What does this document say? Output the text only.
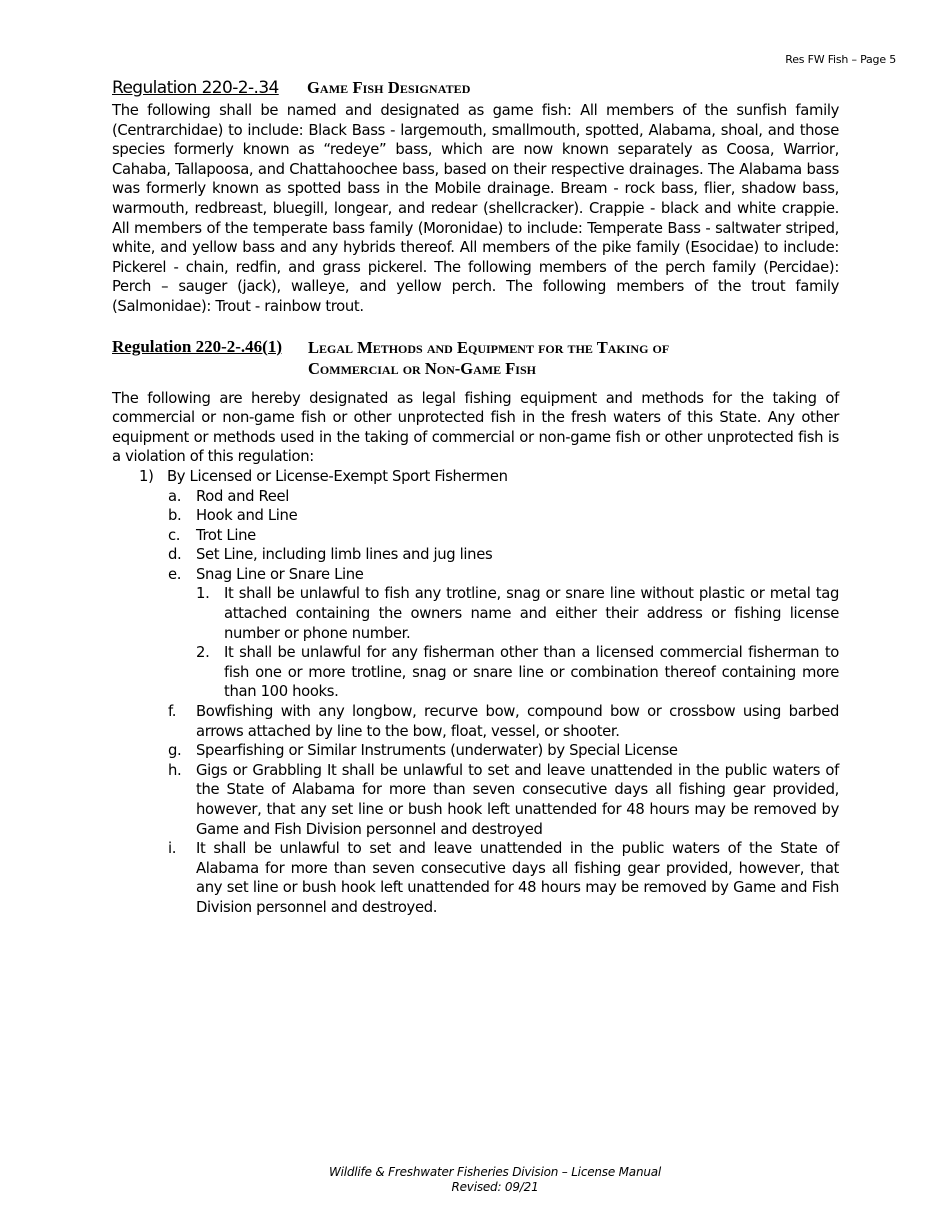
Res FW Fish – Page 5
Regulation 220-2-.34	Game Fish Designated

The following shall be named and designated as game fish: All members of the sunfish family (Centrarchidae) to include: Black Bass - largemouth, smallmouth, spotted, Alabama, shoal, and those species formerly known as “redeye” bass, which are now known separately as Coosa, Warrior, Cahaba, Tallapoosa, and Chattahoochee bass, based on their respective drainages. The Alabama bass was formerly known as spotted bass in the Mobile drainage. Bream - rock bass, flier, shadow bass, warmouth, redbreast, bluegill, longear, and redear (shellcracker). Crappie - black and white crappie. All members of the temperate bass family (Moronidae) to include: Temperate Bass - saltwater striped, white, and yellow bass and any hybrids thereof. All members of the pike family (Esocidae) to include: Pickerel - chain, redfin, and grass pickerel. The following members of the perch family (Percidae): Perch – sauger (jack), walleye, and yellow perch. The following members of the trout family (Salmonidae): Trout - rainbow trout.

Regulation 220-2-.46(1)	Legal Methods and Equipment for the Taking of
Commercial or Non-Game Fish

The following are hereby designated as legal fishing equipment and methods for the taking of commercial or non-game fish or other unprotected fish in the fresh waters of this State. Any other equipment or methods used in the taking of commercial or non-game fish or other unprotected fish is a violation of this regulation:

1) By Licensed or License-Exempt Sport Fishermen
a.	Rod and Reel
b. Hook and Line
c.	Trot Line
d. Set Line, including limb lines and jug lines
e.	Snag Line or Snare Line
1. It shall be unlawful to fish any trotline, snag or snare line without plastic or metal tag attached containing the owners name and either their address or fishing license number or phone number.
2. It shall be unlawful for any fisherman other than a licensed commercial fisherman to fish one or more trotline, snag or snare line or combination thereof containing more than 100 hooks.
f.	Bowfishing with any longbow, recurve bow, compound bow or crossbow using barbed arrows attached by line to the bow, float, vessel, or shooter.
g. Spearfishing or Similar Instruments (underwater) by Special License
h. Gigs or Grabbling It shall be unlawful to set and leave unattended in the public waters of the State of Alabama for more than seven consecutive days all fishing gear provided, however, that any set line or bush hook left unattended for 48 hours may be removed by Game and Fish Division personnel and destroyed
i.	It shall be unlawful to set and leave unattended in the public waters of the State of Alabama for more than seven consecutive days all fishing gear provided, however, that any set line or bush hook left unattended for 48 hours may be removed by Game and Fish Division personnel and destroyed.
Wildlife & Freshwater Fisheries Division – License Manual
Revised: 09/21
